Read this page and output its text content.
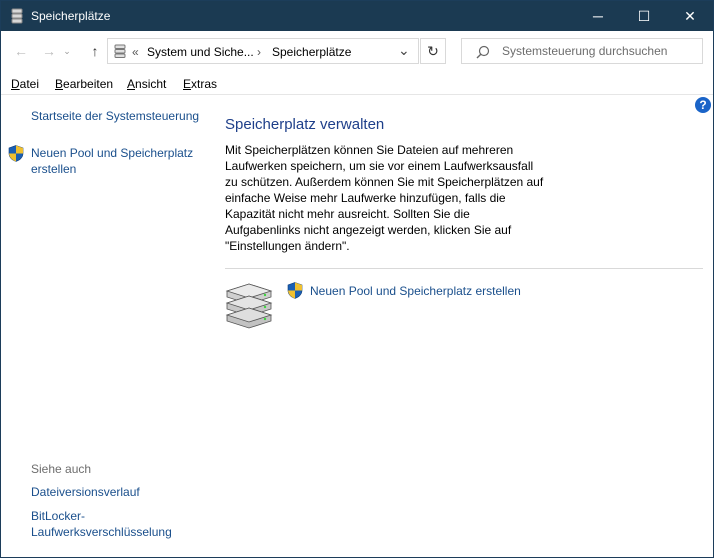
Speicherplätze	─	☐	✕
← → ⌄	↑	« System und Siche... › Speicherplätze	⌄	↻
Systemsteuerung durchsuchen
Datei Bearbeiten Ansicht Extras
Startseite der Systemsteuerung
Neuen Pool und Speicherplatz erstellen
Siehe auch
Dateiversionsverlauf
BitLocker-Laufwerksverschlüsselung
?
Speicherplatz verwalten
Mit Speicherplätzen können Sie Dateien auf mehreren Laufwerken speichern, um sie vor einem Laufwerksausfall zu schützen. Außerdem können Sie mit Speicherplätzen auf einfache Weise mehr Laufwerke hinzufügen, falls die Kapazität nicht mehr ausreicht. Sollten Sie die Aufgabenlinks nicht angezeigt werden, klicken Sie auf "Einstellungen ändern".
Neuen Pool und Speicherplatz erstellen
